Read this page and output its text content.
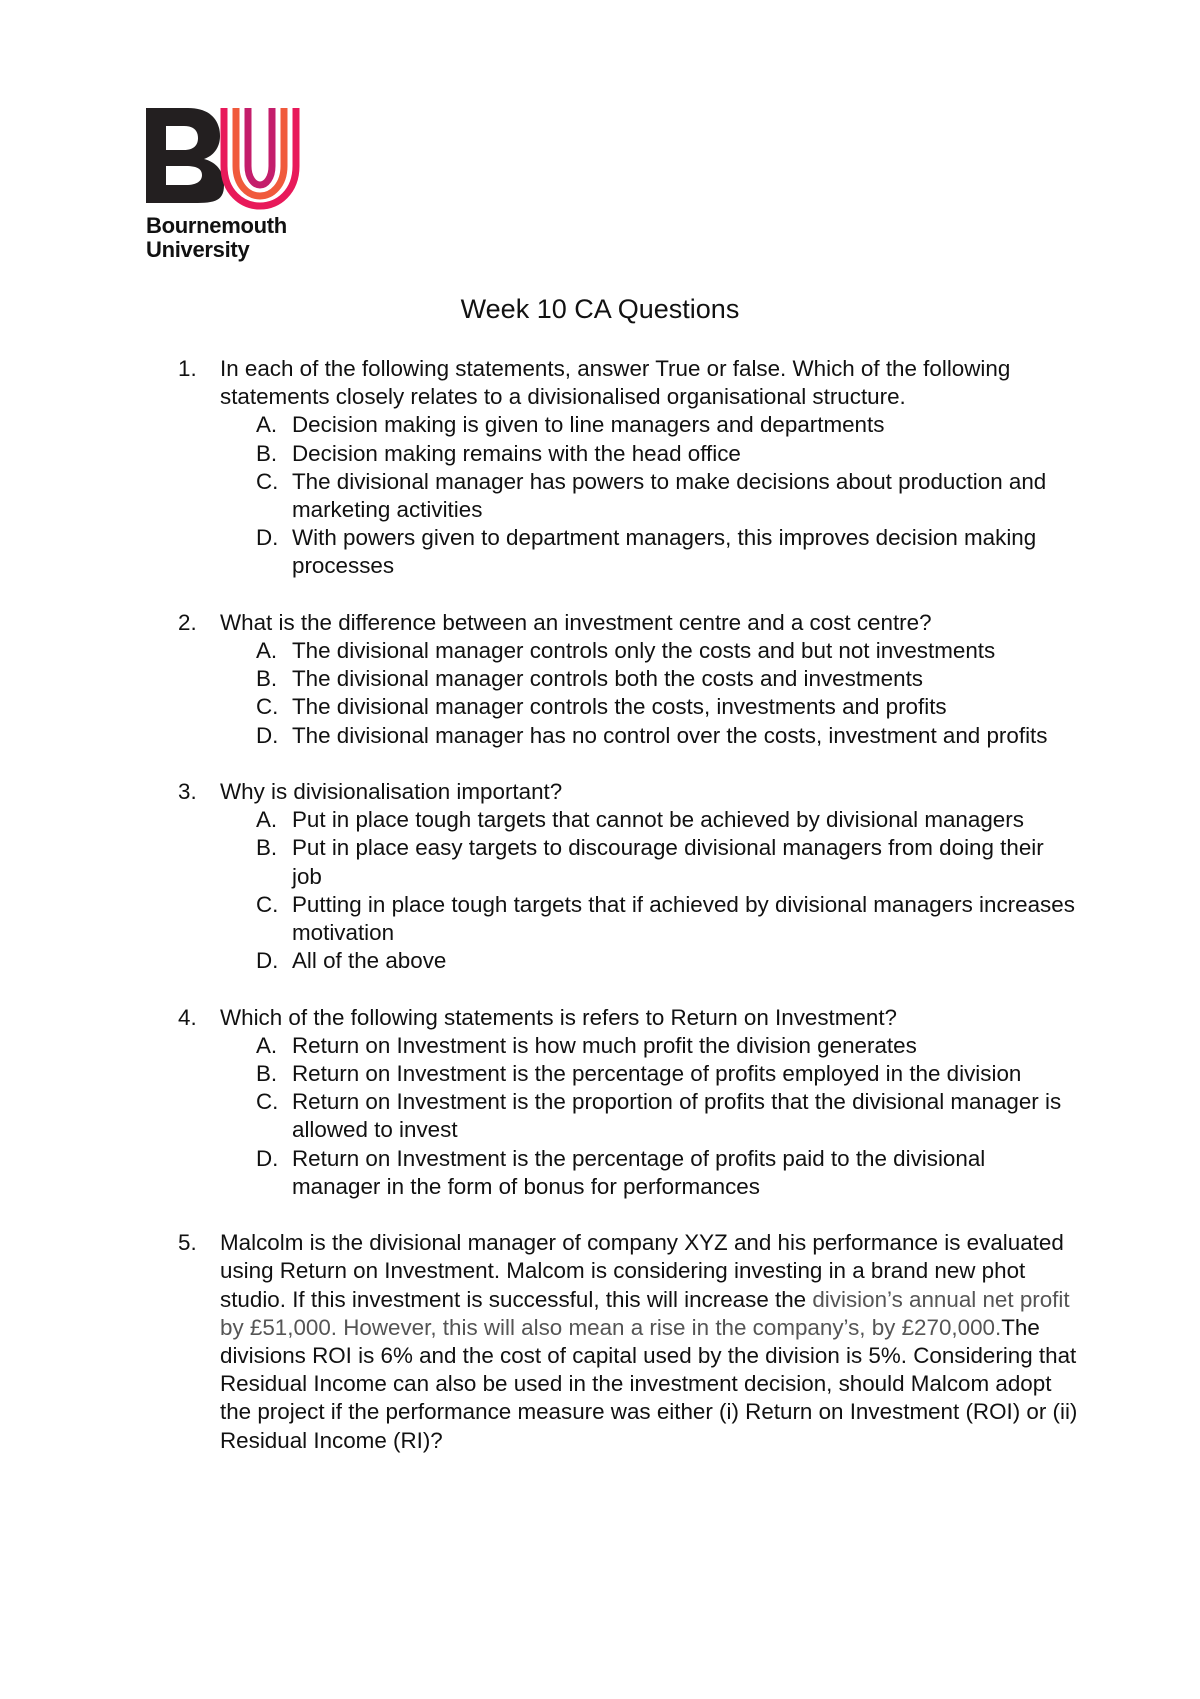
Bournemouth
University
Week 10 CA Questions
1. In each of the following statements, answer True or false. Which of the following statements closely relates to a divisionalised organisational structure.
A. Decision making is given to line managers and departments
B. Decision making remains with the head office
C. The divisional manager has powers to make decisions about production and marketing activities
D. With powers given to department managers, this improves decision making processes
2. What is the difference between an investment centre and a cost centre?
A. The divisional manager controls only the costs and but not investments
B. The divisional manager controls both the costs and investments
C. The divisional manager controls the costs, investments and profits
D. The divisional manager has no control over the costs, investment and profits
3. Why is divisionalisation important?
A. Put in place tough targets that cannot be achieved by divisional managers
B. Put in place easy targets to discourage divisional managers from doing their job
C. Putting in place tough targets that if achieved by divisional managers increases motivation
D. All of the above
4. Which of the following statements is refers to Return on Investment?
A. Return on Investment is how much profit the division generates
B. Return on Investment is the percentage of profits employed in the division
C. Return on Investment is the proportion of profits that the divisional manager is allowed to invest
D. Return on Investment is the percentage of profits paid to the divisional manager in the form of bonus for performances
5. Malcolm is the divisional manager of company XYZ and his performance is evaluated using Return on Investment. Malcom is considering investing in a brand new phot studio. If this investment is successful, this will increase the division’s annual net profit by £51,000. However, this will also mean a rise in the company’s, by £270,000.The divisions ROI is 6% and the cost of capital used by the division is 5%. Considering that Residual Income can also be used in the investment decision, should Malcom adopt the project if the performance measure was either (i) Return on Investment (ROI) or (ii) Residual Income (RI)?
